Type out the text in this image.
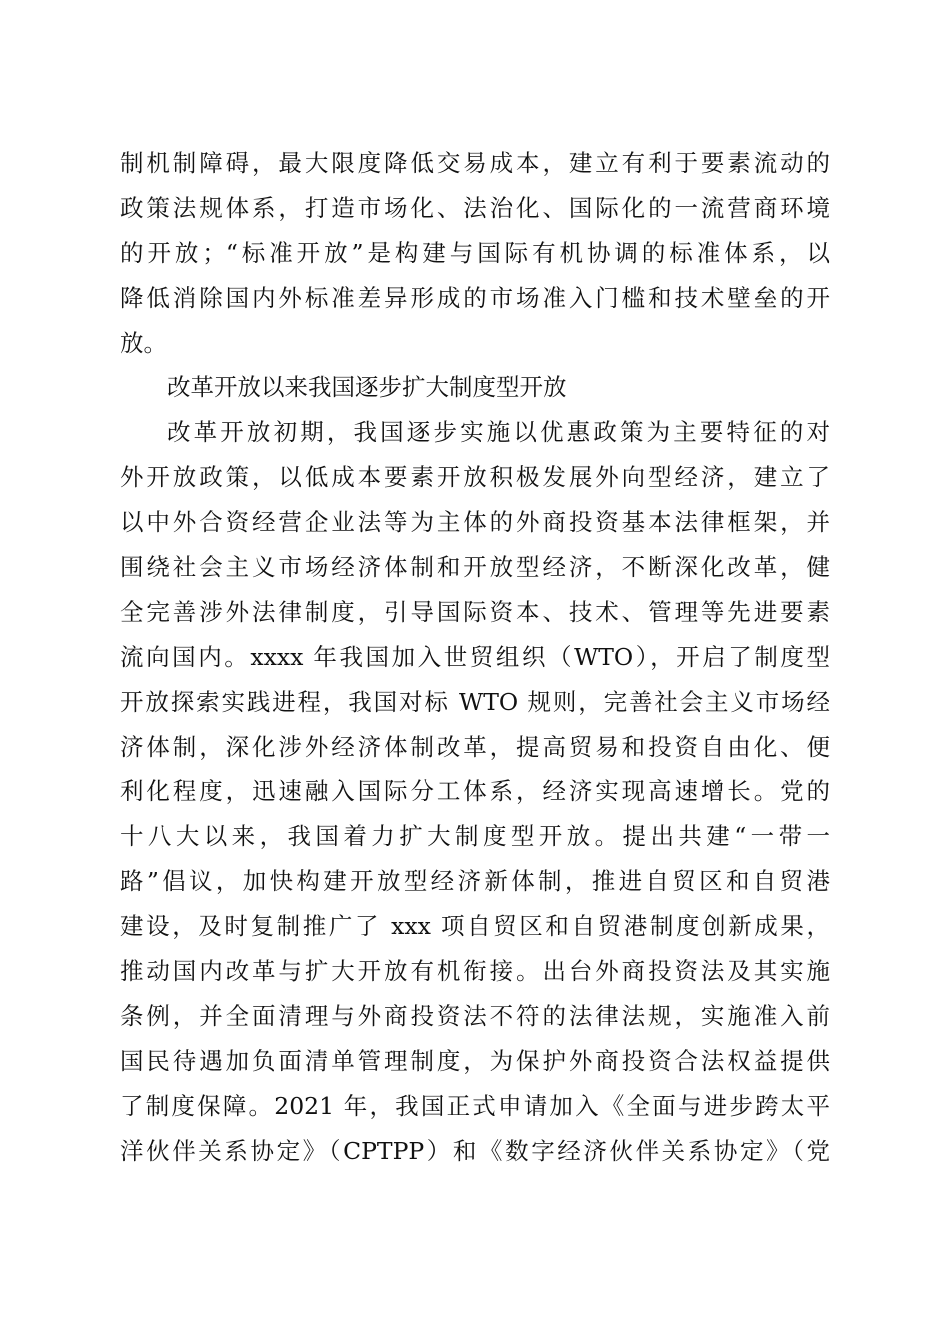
制机制障碍，最大限度降低交易成本，建立有利于要素流动的
政策法规体系，打造市场化、法治化、国际化的一流营商环境
的开放；“标准开放”是构建与国际有机协调的标准体系，以
降低消除国内外标准差异形成的市场准入门槛和技术壁垒的开
放。
改革开放以来我国逐步扩大制度型开放
改革开放初期，我国逐步实施以优惠政策为主要特征的对
外开放政策，以低成本要素开放积极发展外向型经济，建立了
以中外合资经营企业法等为主体的外商投资基本法律框架，并
围绕社会主义市场经济体制和开放型经济，不断深化改革，健
全完善涉外法律制度，引导国际资本、技术、管理等先进要素
流向国内。xxxx 年我国加入世贸组织（WTO），开启了制度型
开放探索实践进程，我国对标 WTO 规则，完善社会主义市场经
济体制，深化涉外经济体制改革，提高贸易和投资自由化、便
利化程度，迅速融入国际分工体系，经济实现高速增长。党的
十八大以来，我国着力扩大制度型开放。提出共建“一带一
路”倡议，加快构建开放型经济新体制，推进自贸区和自贸港
建设，及时复制推广了 xxx 项自贸区和自贸港制度创新成果，
推动国内改革与扩大开放有机衔接。出台外商投资法及其实施
条例，并全面清理与外商投资法不符的法律法规，实施准入前
国民待遇加负面清单管理制度，为保护外商投资合法权益提供
了制度保障。2021 年，我国正式申请加入《全面与进步跨太平
洋伙伴关系协定》（CPTPP）和《数字经济伙伴关系协定》（党
